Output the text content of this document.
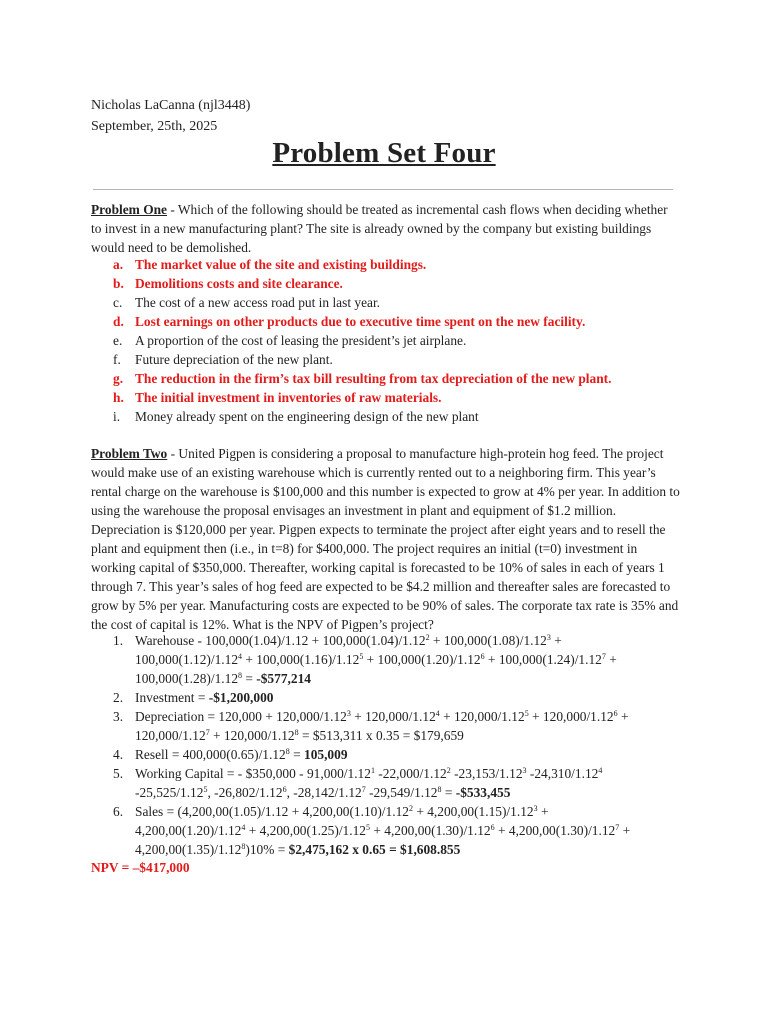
Nicholas LaCanna (njl3448)
September, 25th, 2025
Problem Set Four
Problem One - Which of the following should be treated as incremental cash flows when deciding whether to invest in a new manufacturing plant? The site is already owned by the company but existing buildings would need to be demolished.
a. The market value of the site and existing buildings.
b. Demolitions costs and site clearance.
c. The cost of a new access road put in last year.
d. Lost earnings on other products due to executive time spent on the new facility.
e. A proportion of the cost of leasing the president’s jet airplane.
f.	Future depreciation of the new plant.
g. The reduction in the firm’s tax bill resulting from tax depreciation of the new plant.
h. The initial investment in inventories of raw materials.
i.	Money already spent on the engineering design of the new plant
Problem Two - United Pigpen is considering a proposal to manufacture high-protein hog feed. The project would make use of an existing warehouse which is currently rented out to a neighboring firm. This year’s rental charge on the warehouse is $100,000 and this number is expected to grow at 4% per year. In addition to using the warehouse the proposal envisages an investment in plant and equipment of $1.2 million. Depreciation is $120,000 per year. Pigpen expects to terminate the project after eight years and to resell the plant and equipment then (i.e., in t=8) for $400,000. The project requires an initial (t=0) investment in working capital of $350,000. Thereafter, working capital is forecasted to be 10% of sales in each of years 1 through 7. This year’s sales of hog feed are expected to be $4.2 million and thereafter sales are forecasted to grow by 5% per year. Manufacturing costs are expected to be 90% of sales. The corporate tax rate is 35% and the cost of capital is 12%. What is the NPV of Pigpen’s project?
1. Warehouse - $100,000(1.04)/1.12 + 100,000(1.04)/1.12^2 + 100,000(1.08)/1.12^3$ +
$100,000(1.12)/1.12^4 + 100,000(1.16)/1.12^5 + 100,000(1.20)/1.12^6 + 100,000(1.24)/1.12^7$ +
$100,000(1.28)/1.12^8$ = -$577,214
2. Investment = -$1,200,000
3. Depreciation = $120,000 + 120,000/1.12^3 + 120,000/1.12^4 + 120,000/1.12^5 + 120,000/1.12^6$ +
$120,000/1.12^7 + 120,000/1.12^8$ = $513,311 x 0.35 = $179,659
4. Resell = $400,000(0.65)/1.12^8 = 105,009$
5. Working Capital = - $350,000 - 91,000/1.12$^1$ -22,000/1.12$^2$ -23,153/1.12$^3$ -24,310/1.12$^4$
-25,525/1.12$^5$, -26,802/1.12$^6$, -28,142/1.12$^7$ $-29,549/1.12^8$ = -$533,455
6. Sales = ($4,200,00(1.05)/1.12 + 4,200,00(1.10)/1.12^2 + 4,200,00(1.15)/1.12^3$ +
$4,200,00(1.20)/1.12^4 + 4,200,00(1.25)/1.12^5 + 4,200,00(1.30)/1.12^6 + 4,200,00(1.30)/1.12^7$ +
$4,200,00(1.35)/1.12^8)10\%$ = $2,475,162 x 0.65 = $1,608.855
NPV = –$417,000
